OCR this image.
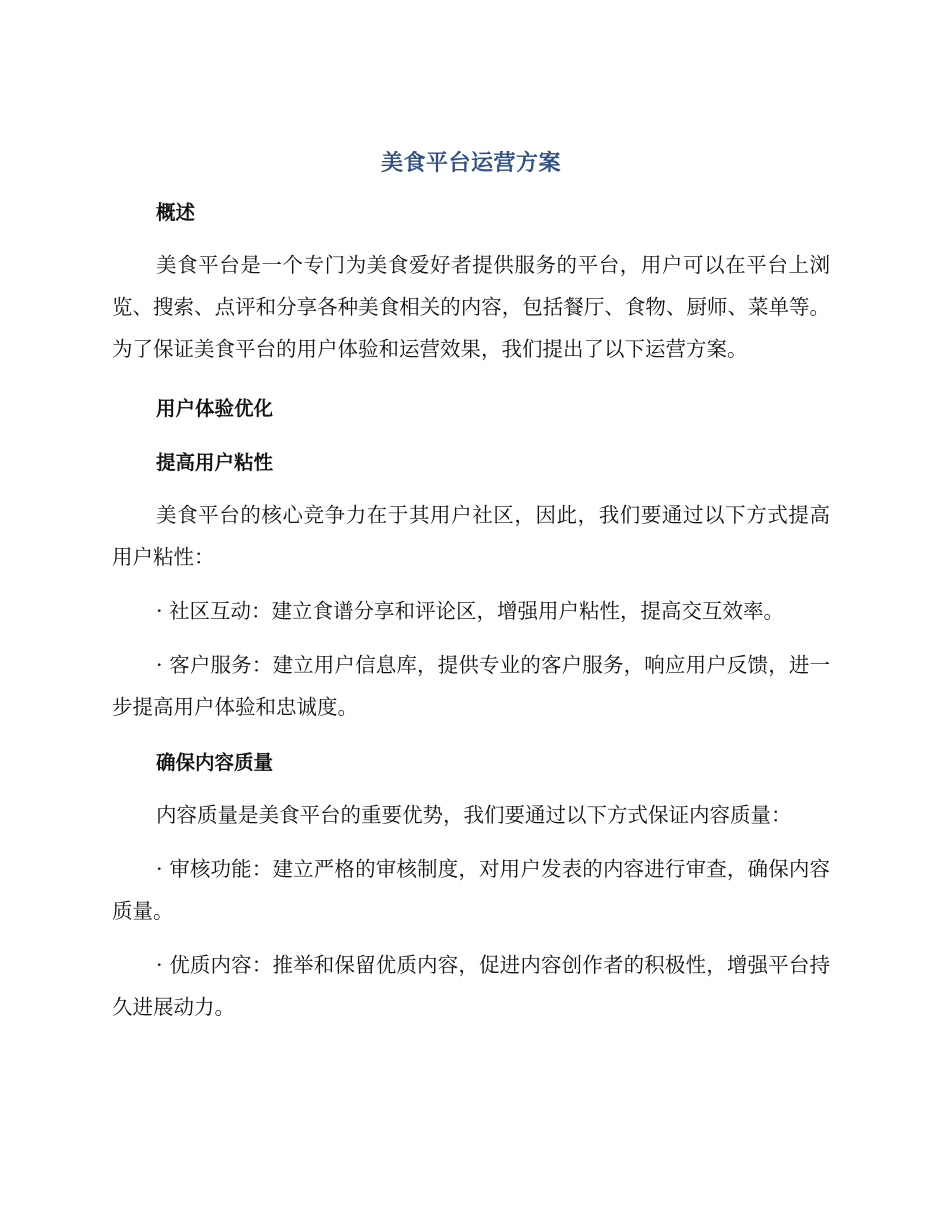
美食平台运营方案
概述

美食平台是一个专门为美食爱好者提供服务的平台，用户可以在平台上浏览、搜索、点评和分享各种美食相关的内容，包括餐厅、食物、厨师、菜单等。为了保证美食平台的用户体验和运营效果，我们提出了以下运营方案。

用户体验优化
提高用户粘性

美食平台的核心竞争力在于其用户社区，因此，我们要通过以下方式提高用户粘性：

· 社区互动：建立食谱分享和评论区，增强用户粘性，提高交互效率。

· 客户服务：建立用户信息库，提供专业的客户服务，响应用户反馈，进一步提高用户体验和忠诚度。

确保内容质量

内容质量是美食平台的重要优势，我们要通过以下方式保证内容质量：

· 审核功能：建立严格的审核制度，对用户发表的内容进行审查，确保内容质量。

· 优质内容：推举和保留优质内容，促进内容创作者的积极性，增强平台持久进展动力。
